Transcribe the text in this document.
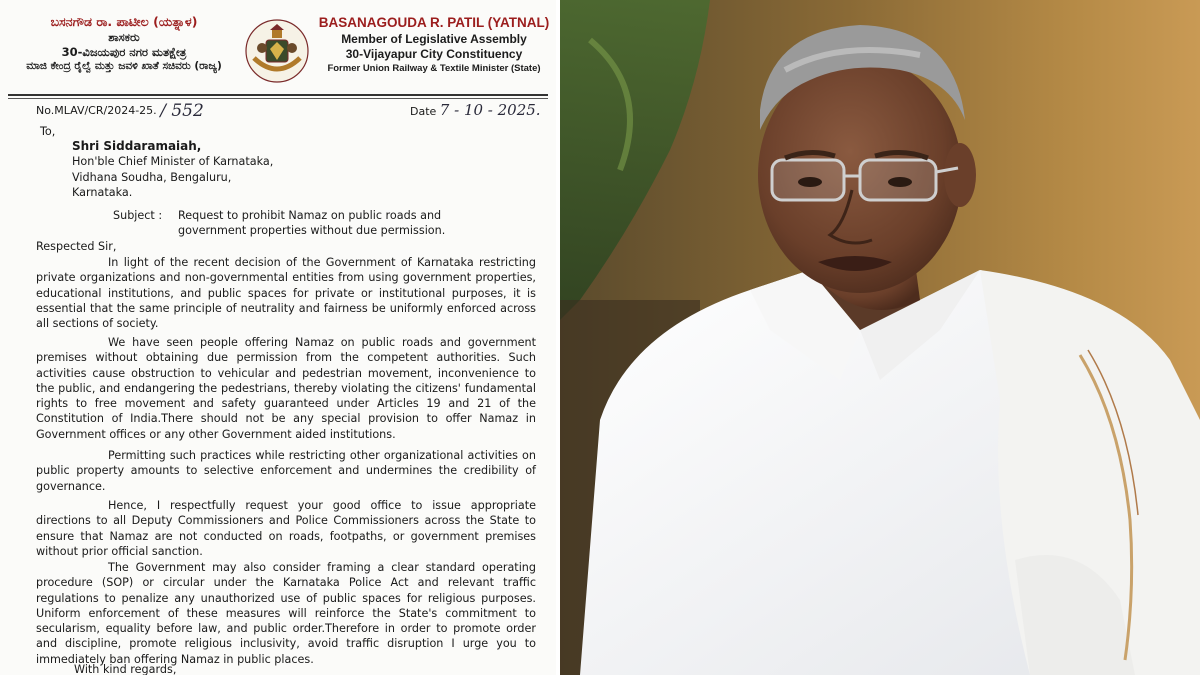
ಬಸನಗೌಡ ರಾ. ಪಾಟೀಲ (ಯತ್ನಾಳ)
ಶಾಸಕರು
30-ವಿಜಯಪುರ ನಗರ ಮತಕ್ಷೇತ್ರ
ಮಾಜಿ ಕೇಂದ್ರ ರೈಲ್ವೆ ಮತ್ತು ಜವಳಿ ಖಾತೆ ಸಚಿವರು (ರಾಜ್ಯ)
BASANAGOUDA R. PATIL (YATNAL)
Member of Legislative Assembly
30-Vijayapur City Constituency
Former Union Railway & Textile Minister (State)
No.MLAV/CR/2024-25. / 552	Date 7 - 10 - 2025.
To,
Shri Siddaramaiah,
Hon'ble Chief Minister of Karnataka,
Vidhana Soudha, Bengaluru,
Karnataka.
Subject : Request to prohibit Namaz on public roads and government properties without due permission.
Respected Sir,

In light of the recent decision of the Government of Karnataka restricting private organizations and non-governmental entities from using government properties, educational institutions, and public spaces for private or institutional purposes, it is essential that the same principle of neutrality and fairness be uniformly enforced across all sections of society.

We have seen people offering Namaz on public roads and government premises without obtaining due permission from the competent authorities. Such activities cause obstruction to vehicular and pedestrian movement, inconvenience to the public, and endangering the pedestrians, thereby violating the citizens' fundamental rights to free movement and safety guaranteed under Articles 19 and 21 of the Constitution of India.There should not be any special provision to offer Namaz in Government offices or any other Government aided institutions.

Permitting such practices while restricting other organizational activities on public property amounts to selective enforcement and undermines the credibility of governance.

Hence, I respectfully request your good office to issue appropriate directions to all Deputy Commissioners and Police Commissioners across the State to ensure that Namaz are not conducted on roads, footpaths, or government premises without prior official sanction.

The Government may also consider framing a clear standard operating procedure (SOP) or circular under the Karnataka Police Act and relevant traffic regulations to penalize any unauthorized use of public spaces for religious purposes. Uniform enforcement of these measures will reinforce the State's commitment to secularism, equality before law, and public order.Therefore in order to promote order and discipline, promote religious inclusivity, avoid traffic disruption I urge you to immediately ban offering Namaz in public places.

With kind regards,
